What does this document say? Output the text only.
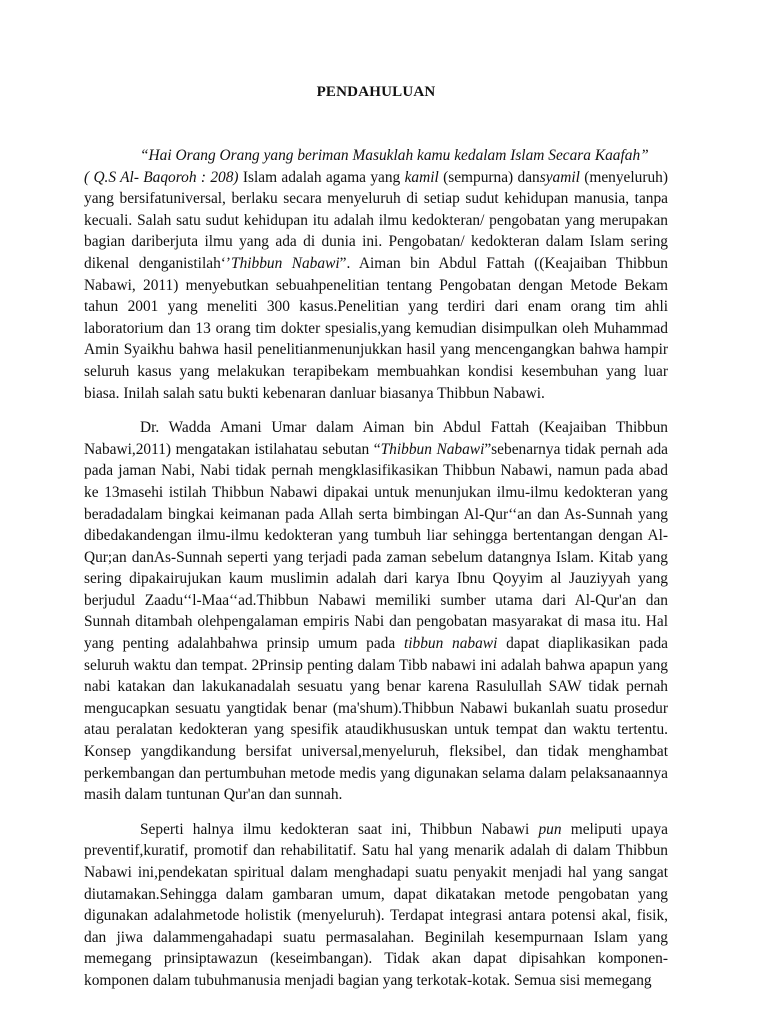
PENDAHULUAN

“Hai Orang Orang yang beriman Masuklah kamu kedalam Islam Secara Kaafah”
( Q.S Al- Baqoroh : 208) Islam adalah agama yang kamil (sempurna) dansyamil (menyeluruh) yang bersifatuniversal, berlaku secara menyeluruh di setiap sudut kehidupan manusia, tanpa kecuali. Salah satu sudut kehidupan itu adalah ilmu kedokteran/ pengobatan yang merupakan bagian dariberjuta ilmu yang ada di dunia ini. Pengobatan/ kedokteran dalam Islam sering dikenal denganistilah‘’Thibbun Nabawi”. Aiman bin Abdul Fattah ((Keajaiban Thibbun Nabawi, 2011) menyebutkan sebuahpenelitian tentang Pengobatan dengan Metode Bekam tahun 2001 yang meneliti 300 kasus.Penelitian yang terdiri dari enam orang tim ahli laboratorium dan 13 orang tim dokter spesialis,yang kemudian disimpulkan oleh Muhammad Amin Syaikhu bahwa hasil penelitianmenunjukkan hasil yang mencengangkan bahwa hampir seluruh kasus yang melakukan terapibekam membuahkan kondisi kesembuhan yang luar biasa. Inilah salah satu bukti kebenaran danluar biasanya Thibbun Nabawi.

Dr. Wadda Amani Umar dalam Aiman bin Abdul Fattah (Keajaiban Thibbun Nabawi,2011) mengatakan istilahatau sebutan “Thibbun Nabawi”sebenarnya tidak pernah ada pada jaman Nabi, Nabi tidak pernah mengklasifikasikan Thibbun Nabawi, namun pada abad ke 13masehi istilah Thibbun Nabawi dipakai untuk menunjukan ilmu-ilmu kedokteran yang beradadalam bingkai keimanan pada Allah serta bimbingan Al-Qur‘‘an dan As-Sunnah yang dibedakandengan ilmu-ilmu kedokteran yang tumbuh liar sehingga bertentangan dengan Al-Qur;an danAs-Sunnah seperti yang terjadi pada zaman sebelum datangnya Islam. Kitab yang sering dipakairujukan kaum muslimin adalah dari karya Ibnu Qoyyim al Jauziyyah yang berjudul Zaadu‘‘l-Maa‘‘ad.Thibbun Nabawi memiliki sumber utama dari Al-Qur'an dan Sunnah ditambah olehpengalaman empiris Nabi dan pengobatan masyarakat di masa itu. Hal yang penting adalahbahwa prinsip umum pada tibbun nabawi dapat diaplikasikan pada seluruh waktu dan tempat. 2Prinsip penting dalam Tibb nabawi ini adalah bahwa apapun yang nabi katakan dan lakukanadalah sesuatu yang benar karena Rasulullah SAW tidak pernah mengucapkan sesuatu yangtidak benar (ma'shum).Thibbun Nabawi bukanlah suatu prosedur atau peralatan kedokteran yang spesifik ataudikhususkan untuk tempat dan waktu tertentu. Konsep yangdikandung bersifat universal,menyeluruh, fleksibel, dan tidak menghambat perkembangan dan pertumbuhan metode medis yang digunakan selama dalam pelaksanaannya masih dalam tuntunan Qur'an dan sunnah.

Seperti halnya ilmu kedokteran saat ini, Thibbun Nabawi pun meliputi upaya preventif,kuratif, promotif dan rehabilitatif. Satu hal yang menarik adalah di dalam Thibbun Nabawi ini,pendekatan spiritual dalam menghadapi suatu penyakit menjadi hal yang sangat diutamakan.Sehingga dalam gambaran umum, dapat dikatakan metode pengobatan yang digunakan adalahmetode holistik (menyeluruh). Terdapat integrasi antara potensi akal, fisik, dan jiwa dalammengahadapi suatu permasalahan. Beginilah kesempurnaan Islam yang memegang prinsiptawazun (keseimbangan). Tidak akan dapat dipisahkan komponen-komponen dalam tubuhmanusia menjadi bagian yang terkotak-kotak. Semua sisi memegang
